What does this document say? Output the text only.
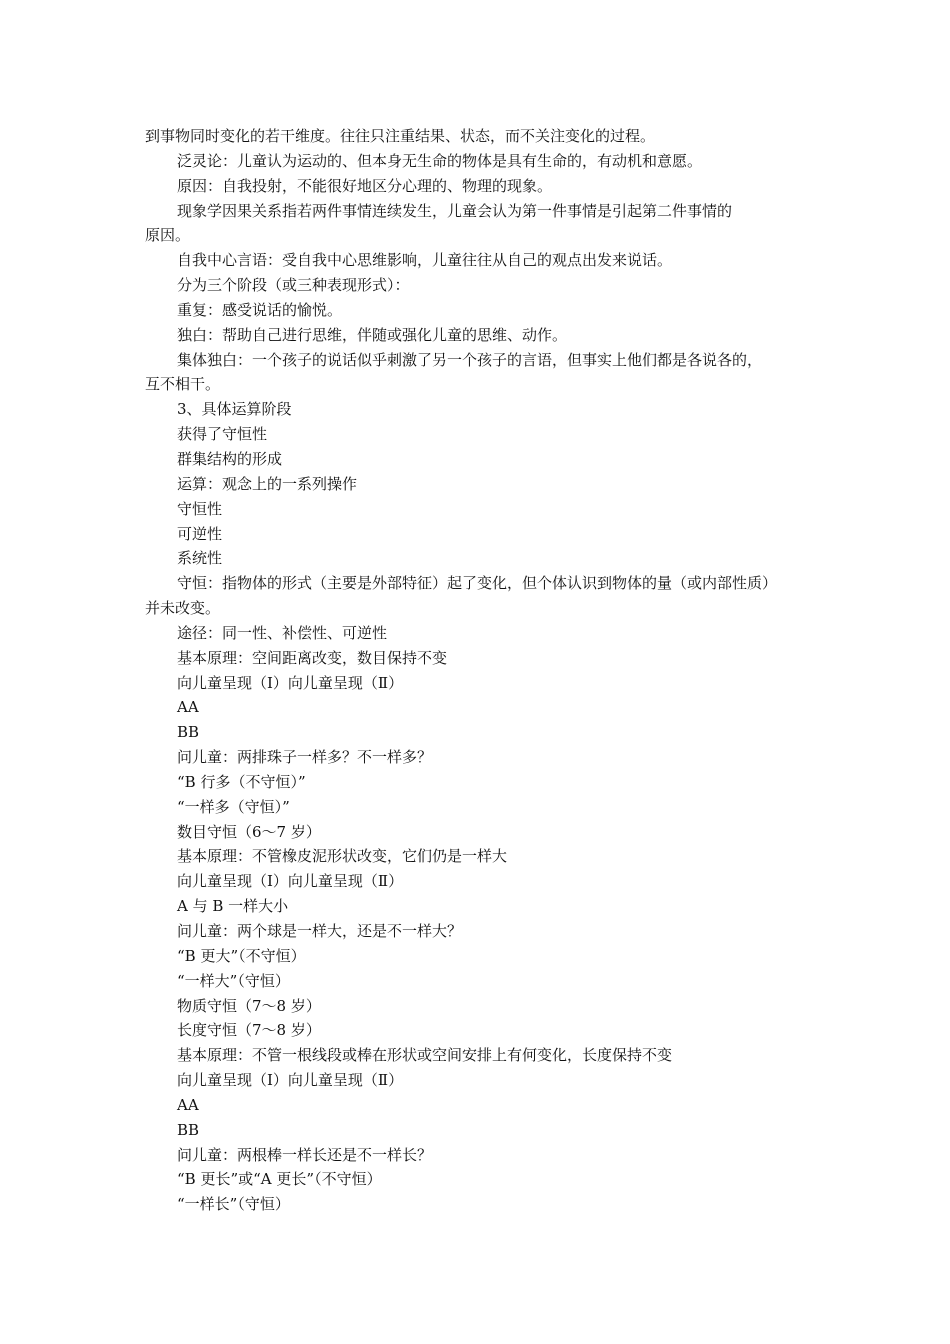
到事物同时变化的若干维度。往往只注重结果、状态，而不关注变化的过程。
泛灵论：儿童认为运动的、但本身无生命的物体是具有生命的，有动机和意愿。
原因：自我投射，不能很好地区分心理的、物理的现象。
现象学因果关系指若两件事情连续发生，儿童会认为第一件事情是引起第二件事情的
原因。
自我中心言语：受自我中心思维影响，儿童往往从自己的观点出发来说话。
分为三个阶段（或三种表现形式）：
重复：感受说话的愉悦。
独白：帮助自己进行思维，伴随或强化儿童的思维、动作。
集体独白：一个孩子的说话似乎刺激了另一个孩子的言语，但事实上他们都是各说各的，
互不相干。
3、具体运算阶段
获得了守恒性
群集结构的形成
运算：观念上的一系列操作
守恒性
可逆性
系统性
守恒：指物体的形式（主要是外部特征）起了变化，但个体认识到物体的量（或内部性质）
并未改变。
途径：同一性、补偿性、可逆性
基本原理：空间距离改变，数目保持不变
向儿童呈现（Ⅰ）向儿童呈现（Ⅱ）
AA
BB
问儿童：两排珠子一样多？不一样多？
“B 行多（不守恒）”
“一样多（守恒）”
数目守恒（6～7 岁）
基本原理：不管橡皮泥形状改变，它们仍是一样大
向儿童呈现（Ⅰ）向儿童呈现（Ⅱ）
A 与 B 一样大小
问儿童：两个球是一样大，还是不一样大？
“B 更大”（不守恒）
“一样大”（守恒）
物质守恒（7～8 岁）
长度守恒（7～8 岁）
基本原理：不管一根线段或棒在形状或空间安排上有何变化，长度保持不变
向儿童呈现（Ⅰ）向儿童呈现（Ⅱ）
AA
BB
问儿童：两根棒一样长还是不一样长？
“B 更长”或“A 更长”（不守恒）
“一样长”（守恒）
